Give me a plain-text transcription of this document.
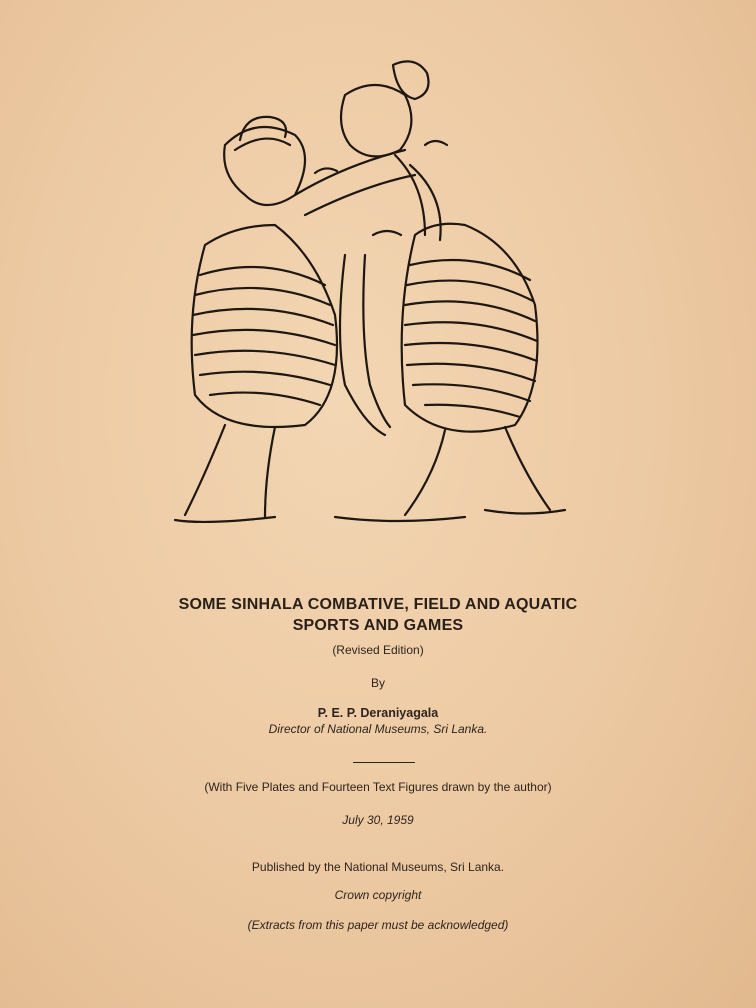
SOME SINHALA COMBATIVE, FIELD AND AQUATIC
SPORTS AND GAMES
(Revised Edition)
By
P. E. P. Deraniyagala
Director of National Museums, Sri Lanka.
(With Five Plates and Fourteen Text Figures drawn by the author)
July 30, 1959
Published by the National Museums, Sri Lanka.
Crown copyright
(Extracts from this paper must be acknowledged)
